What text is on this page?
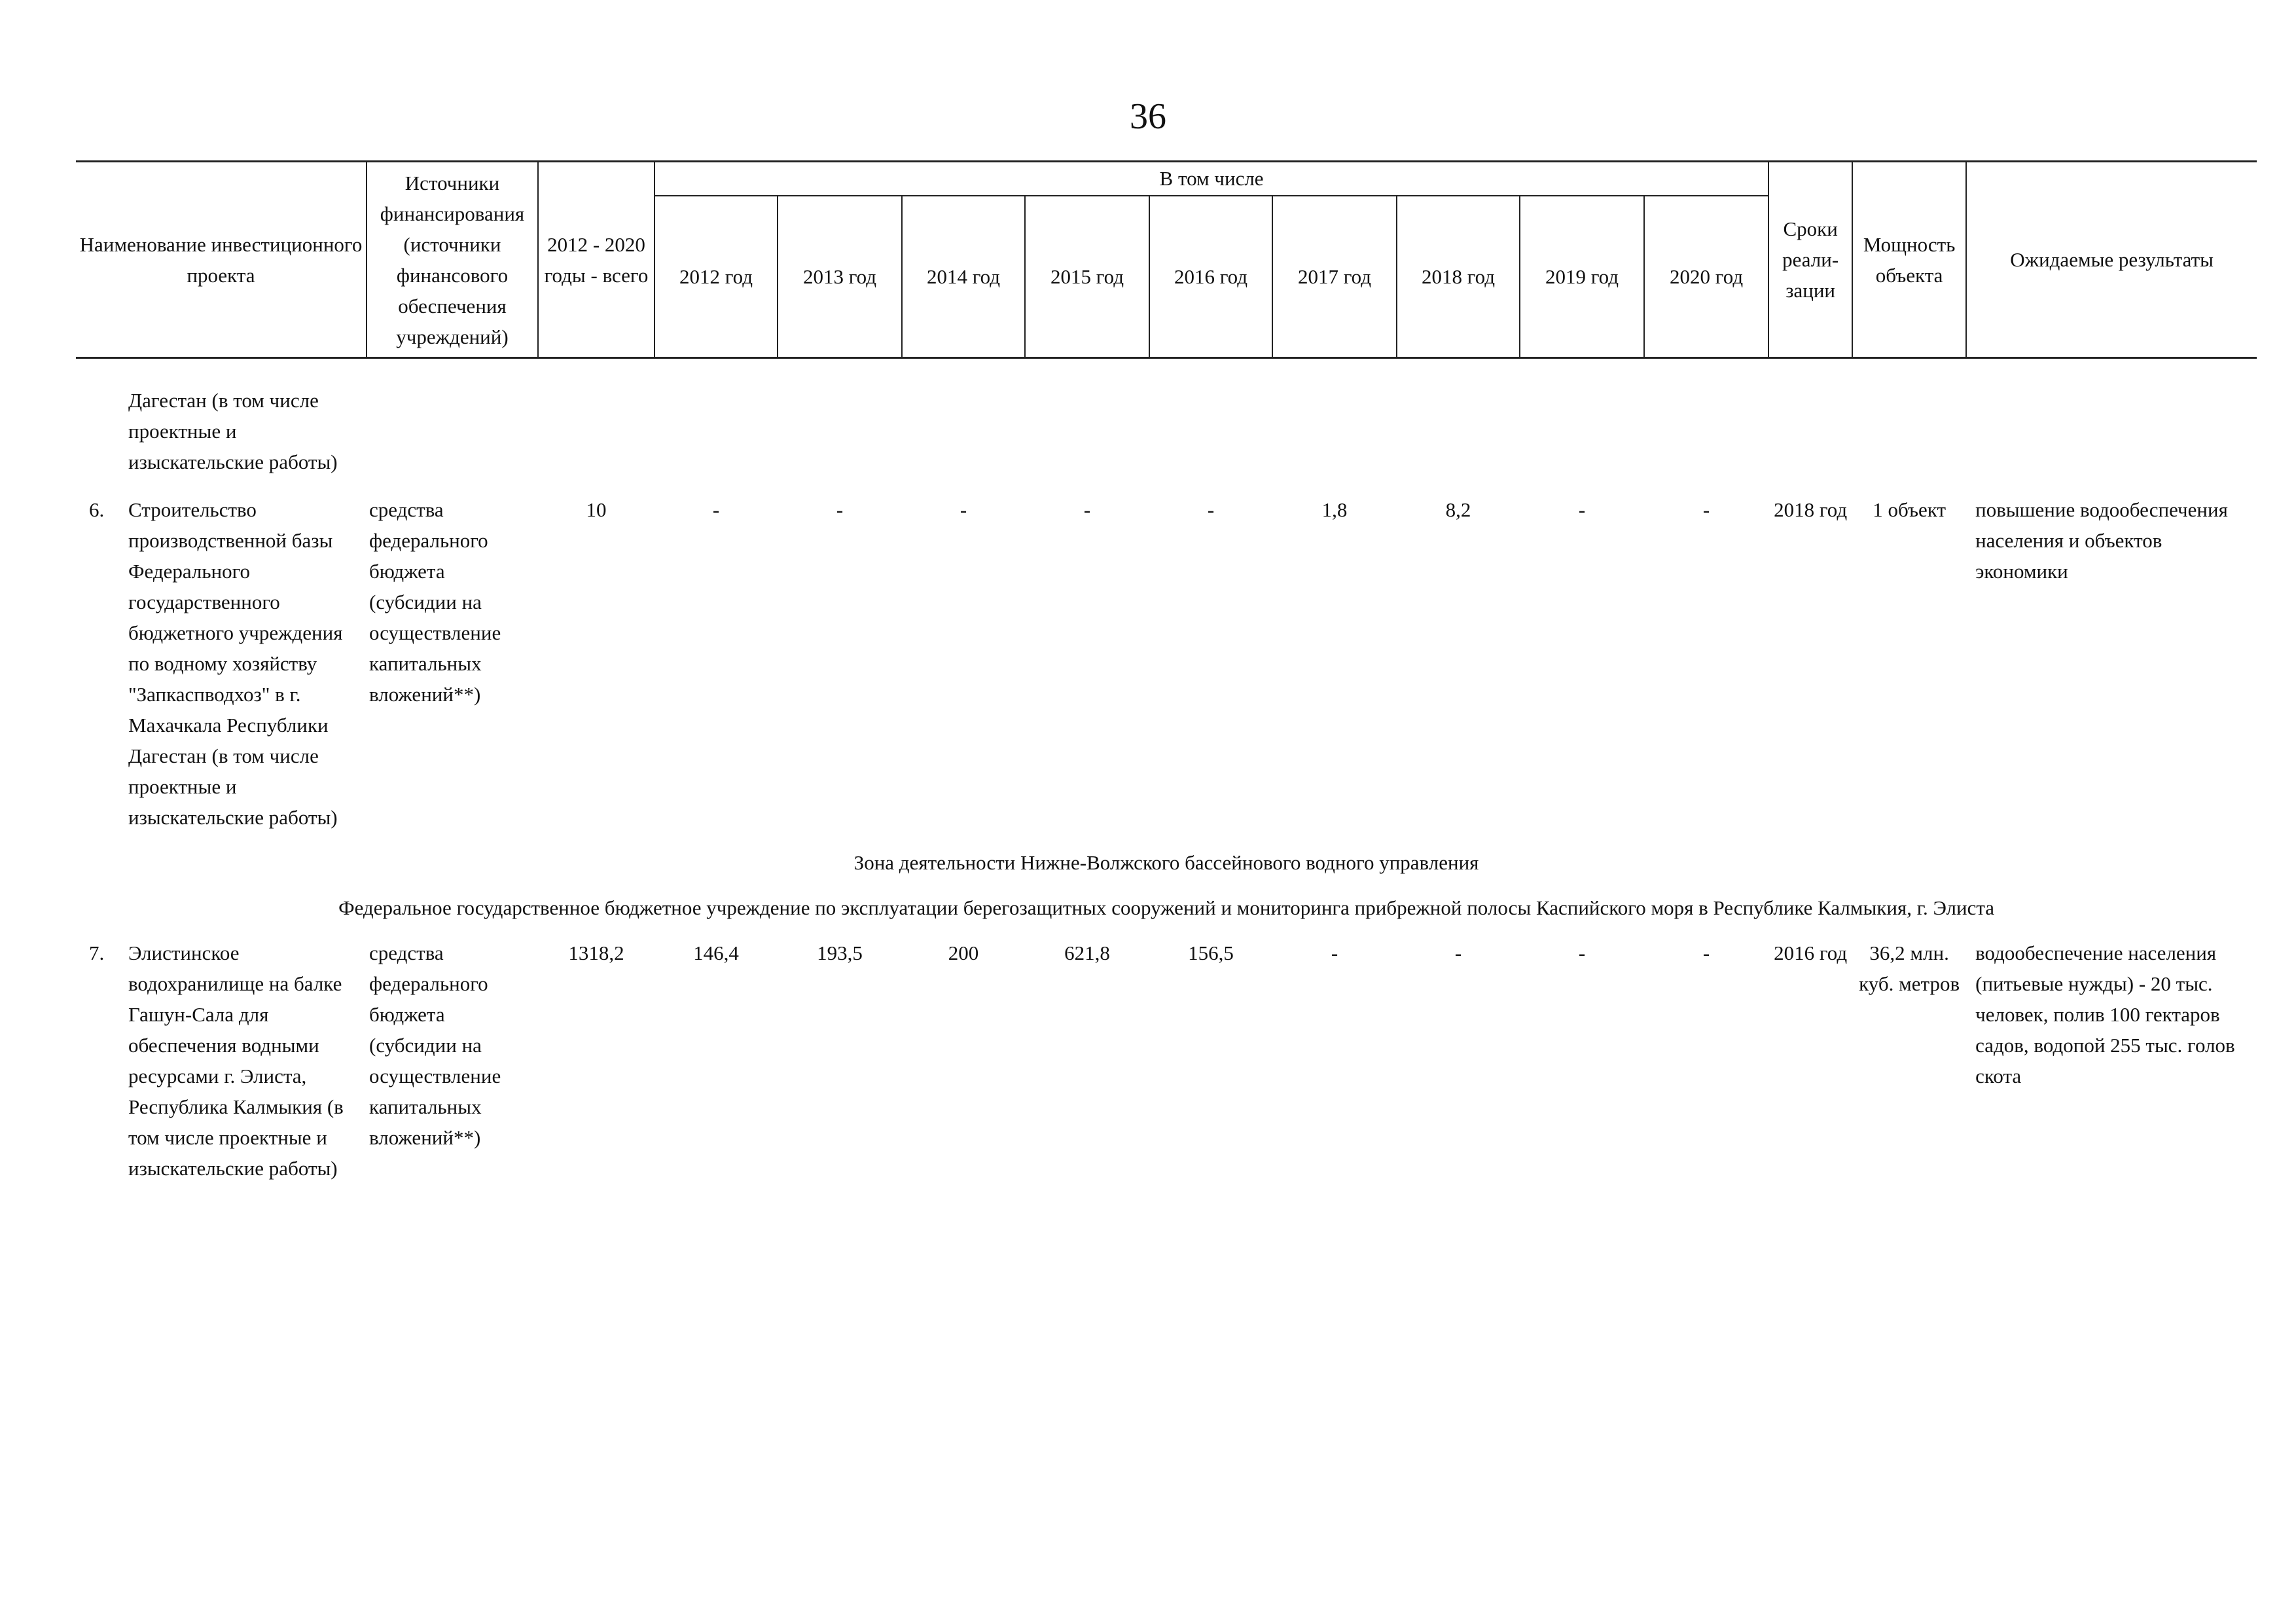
36
Наименование инвестиционного проекта	Источники финансирования (источники финансового обеспечения учреждений)	2012 - 2020 годы - всего	В том числе									Сроки реали- зации	Мощность объекта	Ожидаемые результаты
			2012 год	2013 год	2014 год	2015 год	2016 год	2017 год	2018 год	2019 год	2020 год			

Дагестан (в том числе проектные и изыскательские работы)														

6. Строительство производственной базы Федерального государственного бюджетного учреждения по водному хозяйству "Запкаспводхоз" в г. Махачкала Республики Дагестан (в том числе проектные и изыскательские работы)	средства федерального бюджета (субсидии на осуществление капитальных вложений**)	10	-	-	-	-	-	1,8	8,2	-	-	2018 год	1 объект	повышение водообеспечения населения и объектов экономики
Зона деятельности Нижне-Волжского бассейнового водного управления														
Федеральное государственное бюджетное учреждение по эксплуатации берегозащитных сооружений и мониторинга прибрежной полосы Каспийского моря в Республике Калмыкия, г. Элиста														

7. Элистинское водохранилище на балке Гашун-Сала для обеспечения водными ресурсами г. Элиста, Республика Калмыкия (в том числе проектные и изыскательские работы)	средства федерального бюджета (субсидии на осуществление капитальных вложений**)	1318,2	146,4	193,5	200	621,8	156,5	-	-	-	-	2016 год	36,2 млн. куб. метров	водообеспечение населения (питьевые нужды) - 20 тыс. человек, полив 100 гектаров садов, водопой 255 тыс. голов скота
